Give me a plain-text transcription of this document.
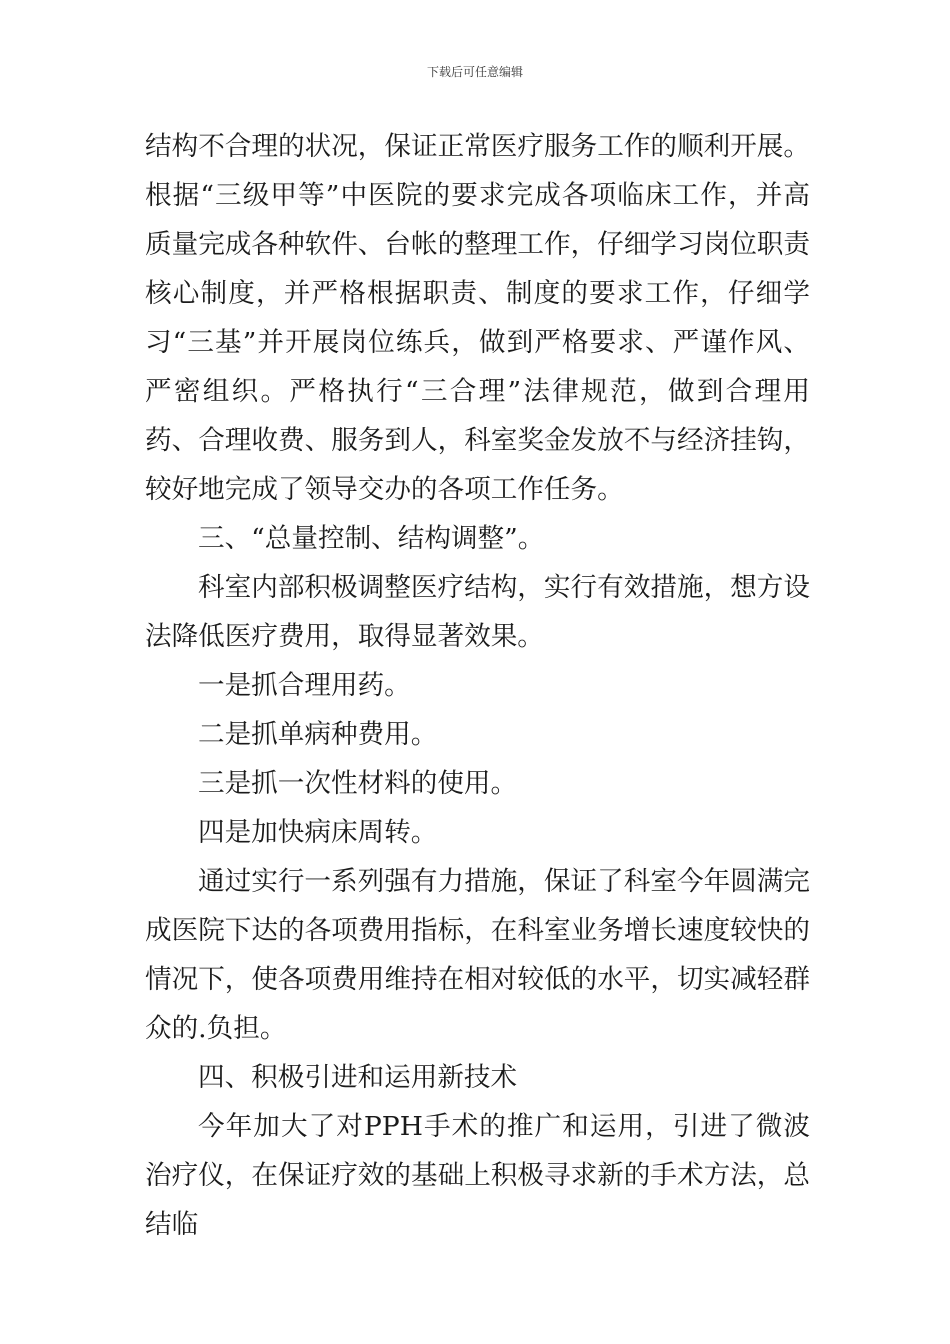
下载后可任意编辑

结构不合理的状况，保证正常医疗服务工作的顺利开展。根据“三级甲等”中医院的要求完成各项临床工作，并高质量完成各种软件、台帐的整理工作，仔细学习岗位职责核心制度，并严格根据职责、制度的要求工作，仔细学习“三基”并开展岗位练兵，做到严格要求、严谨作风、严密组织。严格执行“三合理”法律规范，做到合理用药、合理收费、服务到人，科室奖金发放不与经济挂钩，较好地完成了领导交办的各项工作任务。

三、“总量控制、结构调整”。

科室内部积极调整医疗结构，实行有效措施，想方设法降低医疗费用，取得显著效果。

一是抓合理用药。

二是抓单病种费用。

三是抓一次性材料的使用。

四是加快病床周转。

通过实行一系列强有力措施，保证了科室今年圆满完成医院下达的各项费用指标，在科室业务增长速度较快的情况下，使各项费用维持在相对较低的水平，切实减轻群众的.负担。

四、积极引进和运用新技术

今年加大了对PPH手术的推广和运用，引进了微波治疗仪，在保证疗效的基础上积极寻求新的手术方法，总结临
